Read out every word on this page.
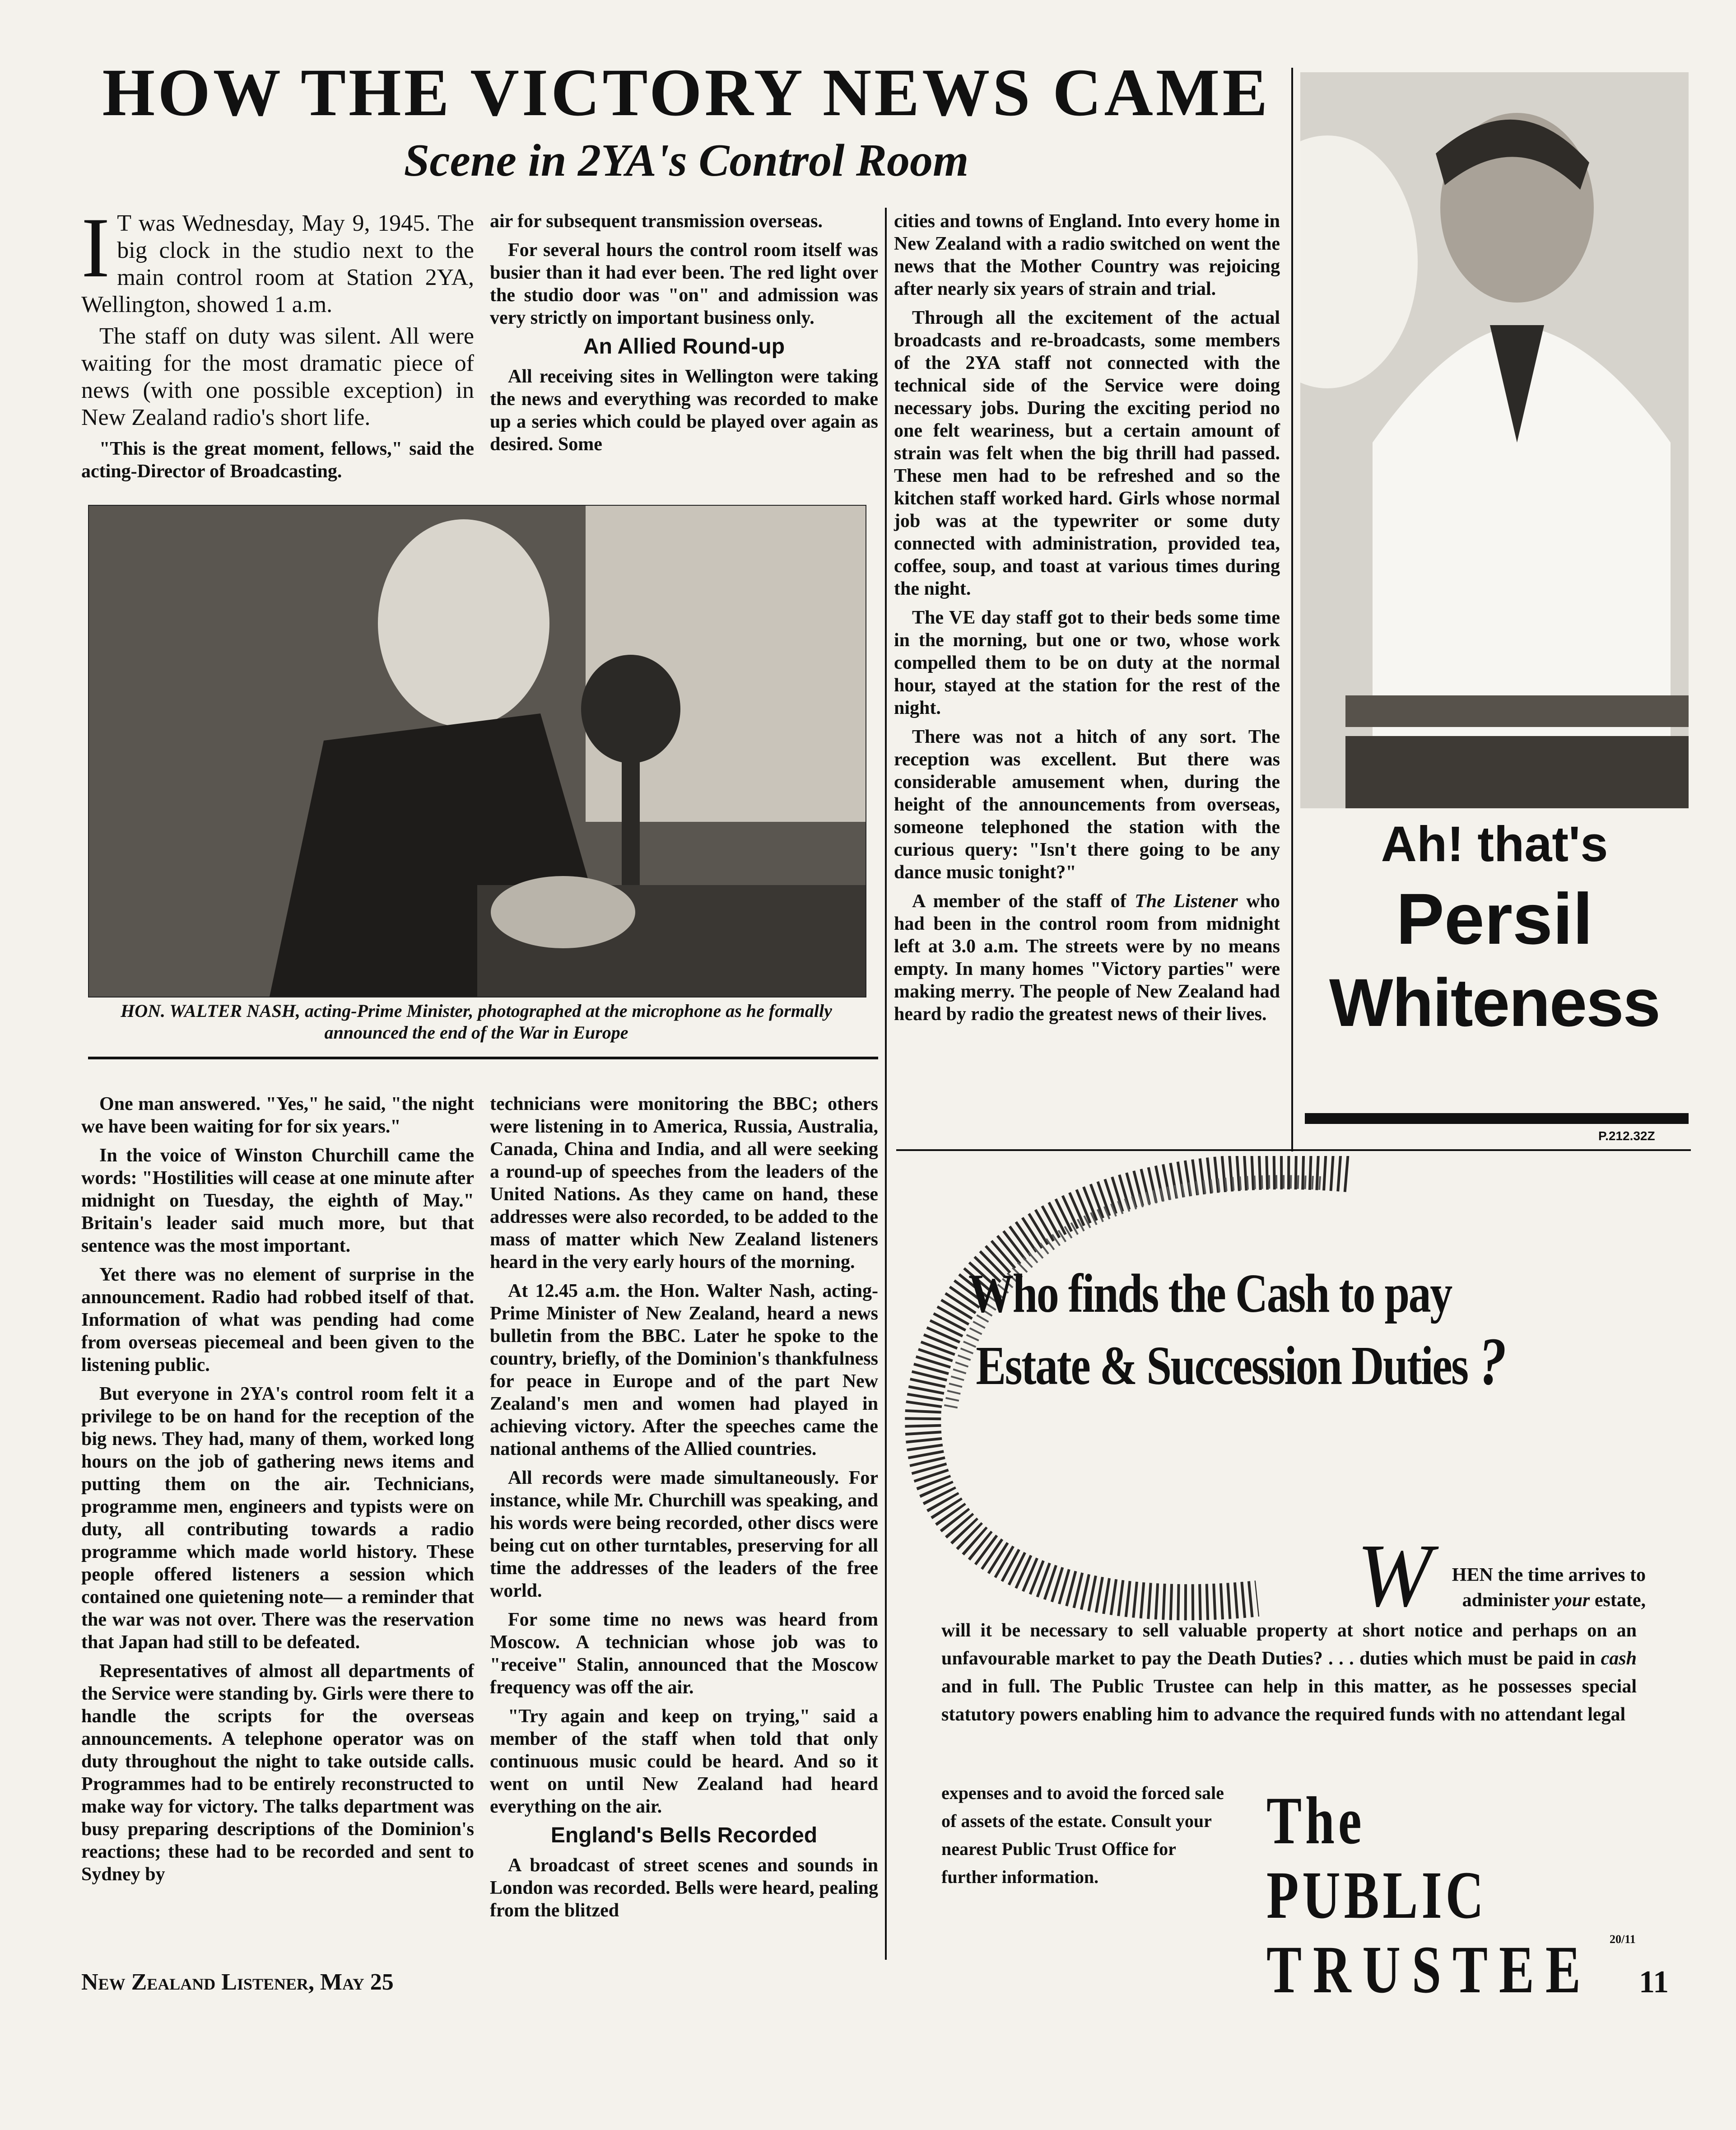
HOW THE VICTORY NEWS CAME
Scene in 2YA's Control Room
I T was Wednesday, May 9, 1945. The big clock in the studio next to the main control room at Station 2YA, Wellington, showed 1 a.m.

The staff on duty was silent. All were waiting for the most dramatic piece of news (with one possible exception) in New Zealand radio's short life.

"This is the great moment, fellows," said the acting-Director of Broadcasting.

air for subsequent transmission overseas.

For several hours the control room itself was busier than it had ever been. The red light over the studio door was "on" and admission was very strictly on important business only.

An Allied Round-up

All receiving sites in Wellington were taking the news and everything was recorded to make up a series which could be played over again as desired. Some

HON. WALTER NASH, acting-Prime Minister, photographed at the microphone as he formally announced the end of the War in Europe

One man answered. "Yes," he said, "the night we have been waiting for for six years."

In the voice of Winston Churchill came the words: "Hostilities will cease at one minute after midnight on Tuesday, the eighth of May." Britain's leader said much more, but that sentence was the most important.

Yet there was no element of surprise in the announcement. Radio had robbed itself of that. Information of what was pending had come from overseas piecemeal and been given to the listening public.

But everyone in 2YA's control room felt it a privilege to be on hand for the reception of the big news. They had, many of them, worked long hours on the job of gathering news items and putting them on the air. Technicians, programme men, engineers and typists were on duty, all contributing towards a radio programme which made world history. These people offered listeners a session which contained one quietening note— a reminder that the war was not over. There was the reservation that Japan had still to be defeated.

Representatives of almost all departments of the Service were standing by. Girls were there to handle the scripts for the overseas announcements. A telephone operator was on duty throughout the night to take outside calls. Programmes had to be entirely reconstructed to make way for victory. The talks department was busy preparing descriptions of the Dominion's reactions; these had to be recorded and sent to Sydney by

technicians were monitoring the BBC; others were listening in to America, Russia, Australia, Canada, China and India, and all were seeking a round-up of speeches from the leaders of the United Nations. As they came on hand, these addresses were also recorded, to be added to the mass of matter which New Zealand listeners heard in the very early hours of the morning.

At 12.45 a.m. the Hon. Walter Nash, acting-Prime Minister of New Zealand, heard a news bulletin from the BBC. Later he spoke to the country, briefly, of the Dominion's thankfulness for peace in Europe and of the part New Zealand's men and women had played in achieving victory. After the speeches came the national anthems of the Allied countries.

All records were made simultaneously. For instance, while Mr. Churchill was speaking, and his words were being recorded, other discs were being cut on other turntables, preserving for all time the addresses of the leaders of the free world.

For some time no news was heard from Moscow. A technician whose job was to "receive" Stalin, announced that the Moscow frequency was off the air.

"Try again and keep on trying," said a member of the staff when told that only continuous music could be heard. And so it went on until New Zealand had heard everything on the air.

England's Bells Recorded

A broadcast of street scenes and sounds in London was recorded. Bells were heard, pealing from the blitzed

cities and towns of England. Into every home in New Zealand with a radio switched on went the news that the Mother Country was rejoicing after nearly six years of strain and trial.

Through all the excitement of the actual broadcasts and re-broadcasts, some members of the 2YA staff not connected with the technical side of the Service were doing necessary jobs. During the exciting period no one felt weariness, but a certain amount of strain was felt when the big thrill had passed. These men had to be refreshed and so the kitchen staff worked hard. Girls whose normal job was at the typewriter or some duty connected with administration, provided tea, coffee, soup, and toast at various times during the night.

The VE day staff got to their beds some time in the morning, but one or two, whose work compelled them to be on duty at the normal hour, stayed at the station for the rest of the night.

There was not a hitch of any sort. The reception was excellent. But there was considerable amusement when, during the height of the announcements from overseas, someone telephoned the station with the curious query: "Isn't there going to be any dance music tonight?"

A member of the staff of The Listener who had been in the control room from midnight left at 3.0 a.m. The streets were by no means empty. In many homes "Victory parties" were making merry. The people of New Zealand had heard by radio the greatest news of their lives.

Ah! that's
Persil
Whiteness
P.212.32Z
Who finds the Cash to pay
Estate & Succession Duties ?
W	HEN the time arrives to administer your estate,
will it be necessary to sell valuable property at short notice and perhaps on an unfavourable market to pay the Death Duties? . . . duties which must be paid in cash and in full. The Public Trustee can help in this matter, as he possesses special statutory powers enabling him to advance the required funds with no attendant legal
expenses and to avoid the forced sale of assets of the estate. Consult your nearest Public Trust Office for further information.
The PUBLIC
TRUSTEE 20/11

New Zealand Listener, May 25	11
